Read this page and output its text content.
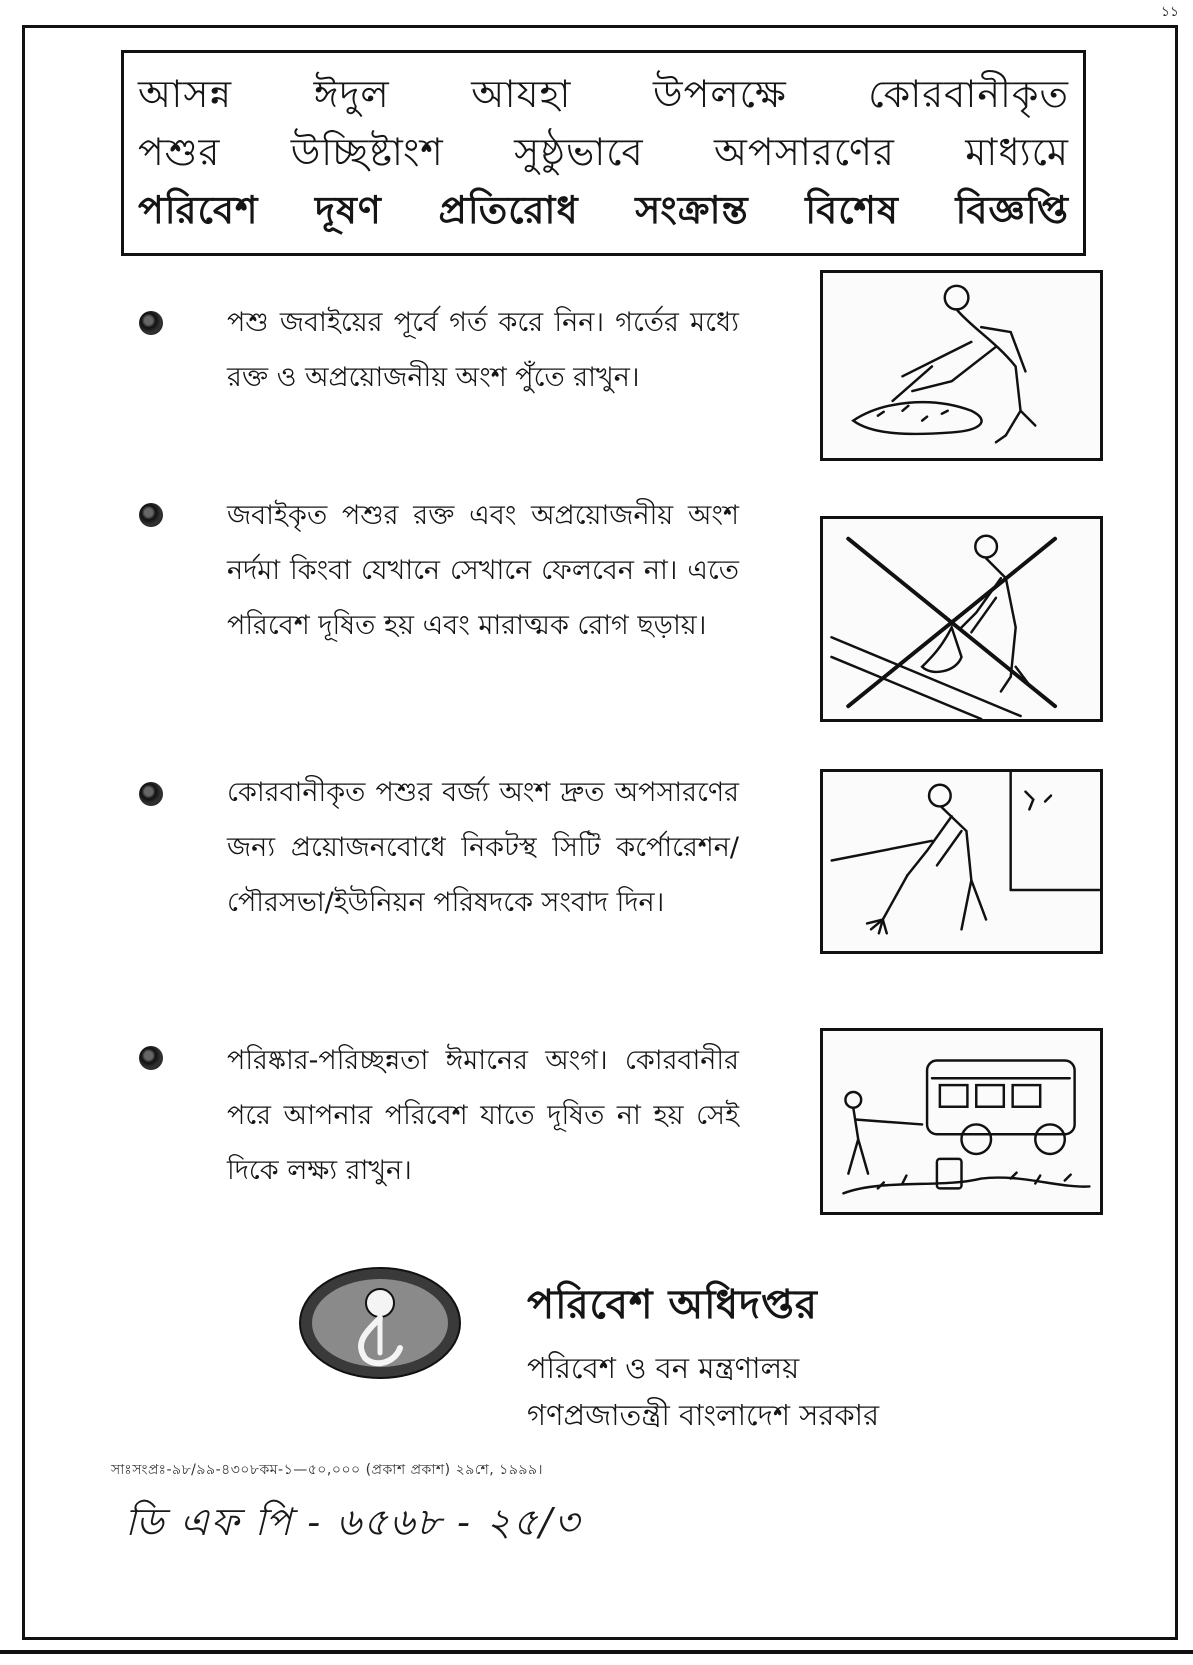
১১
আসন্ন ঈদুল আযহা উপলক্ষে কোরবানীকৃত
পশুর উচ্ছিষ্টাংশ সুষ্ঠুভাবে অপসারণের মাধ্যমে
পরিবেশ দূষণ প্রতিরোধ সংক্রান্ত বিশেষ বিজ্ঞপ্তি
পশু জবাইয়ের পূর্বে গর্ত করে নিন। গর্তের মধ্যে রক্ত ও অপ্রয়োজনীয় অংশ পুঁতে রাখুন।
জবাইকৃত পশুর রক্ত এবং অপ্রয়োজনীয় অংশ নর্দমা কিংবা যেখানে সেখানে ফেলবেন না। এতে পরিবেশ দূষিত হয় এবং মারাত্মক রোগ ছড়ায়।
কোরবানীকৃত পশুর বর্জ্য অংশ দ্রুত অপসারণের জন্য প্রয়োজনবোধে নিকটস্থ সিটি কর্পোরেশন/পৌরসভা/ইউনিয়ন পরিষদকে সংবাদ দিন।
পরিষ্কার-পরিচ্ছন্নতা ঈমানের অংগ। কোরবানীর পরে আপনার পরিবেশ যাতে দূষিত না হয় সেই দিকে লক্ষ্য রাখুন।
পরিবেশ অধিদপ্তর
পরিবেশ ও বন মন্ত্রণালয়
গণপ্রজাতন্ত্রী বাংলাদেশ সরকার
সাঃসংপ্রঃ-৯৮/৯৯-৪৩০৮কম-১—৫০,০০০ (প্রকাশ প্রকাশ) ২৯শে, ১৯৯৯।
ডি এফ পি - ৬৫৬৮ - ২৫/৩
